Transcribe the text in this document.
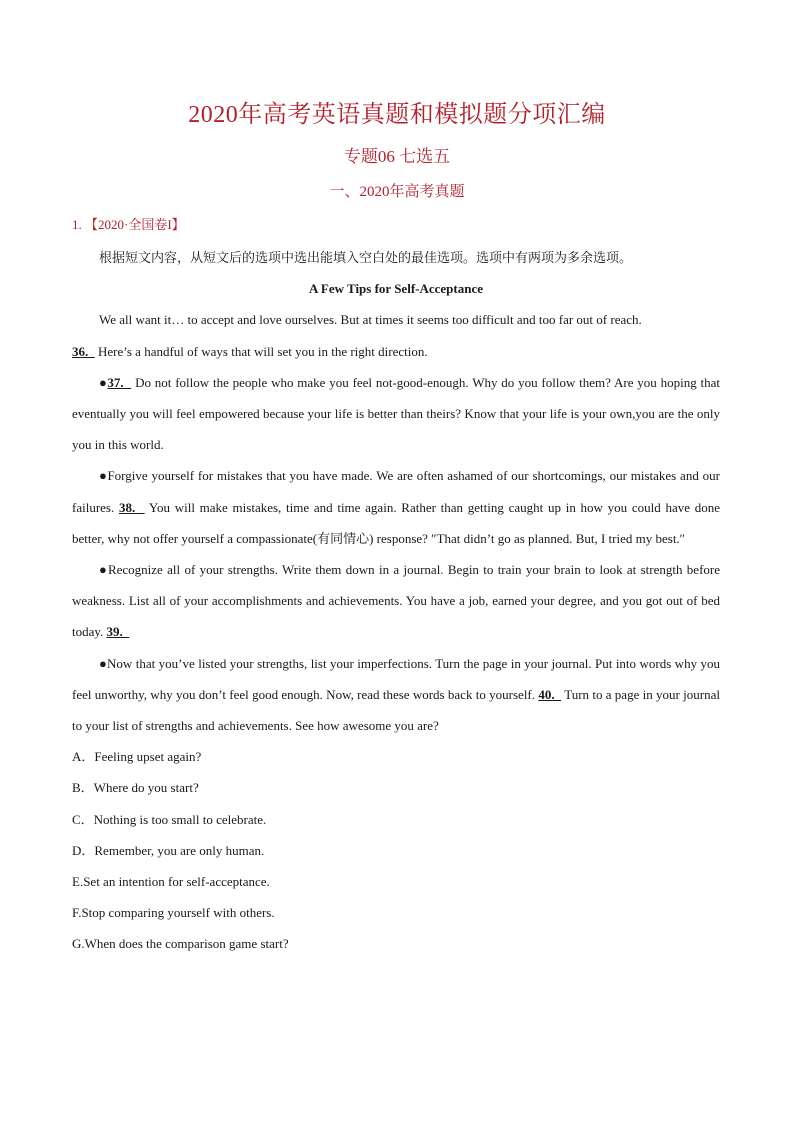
2020年高考英语真题和模拟题分项汇编
专题06 七选五
一、2020年高考真题
1. 【2020·全国卷I】

根据短文内容，从短文后的选项中选出能填入空白处的最佳选项。选项中有两项为多余选项。

A Few Tips for Self-Acceptance

We all want it… to accept and love ourselves. But at times it seems too difficult and too far out of reach.

36.   Here’s a handful of ways that will set you in the right direction.

●37.   Do not follow the people who make you feel not-good-enough. Why do you follow them? Are you hoping that eventually you will feel empowered because your life is better than theirs? Know that your life is your own,you are the only you in this world.

●Forgive yourself for mistakes that you have made. We are often ashamed of our shortcomings, our mistakes and our failures. 38.   You will make mistakes, time and time again. Rather than getting caught up in how you could have done better, why not offer yourself a compassionate(有同情心) response? ″That didn’t go as planned. But, I tried my best.″

●Recognize all of your strengths. Write them down in a journal. Begin to train your brain to look at strength before weakness. List all of your accomplishments and achievements. You have a job, earned your degree, and you got out of bed today. 39.

●Now that you’ve listed your strengths, list your imperfections. Turn the page in your journal. Put into words why you feel unworthy, why you don’t feel good enough. Now, read these words back to yourself. 40.   Turn to a page in your journal to your list of strengths and achievements. See how awesome you are?

A．Feeling upset again?

B．Where do you start?

C．Nothing is too small to celebrate.

D．Remember, you are only human.

E.Set an intention for self-acceptance.

F.Stop comparing yourself with others.

G.When does the comparison game start?
